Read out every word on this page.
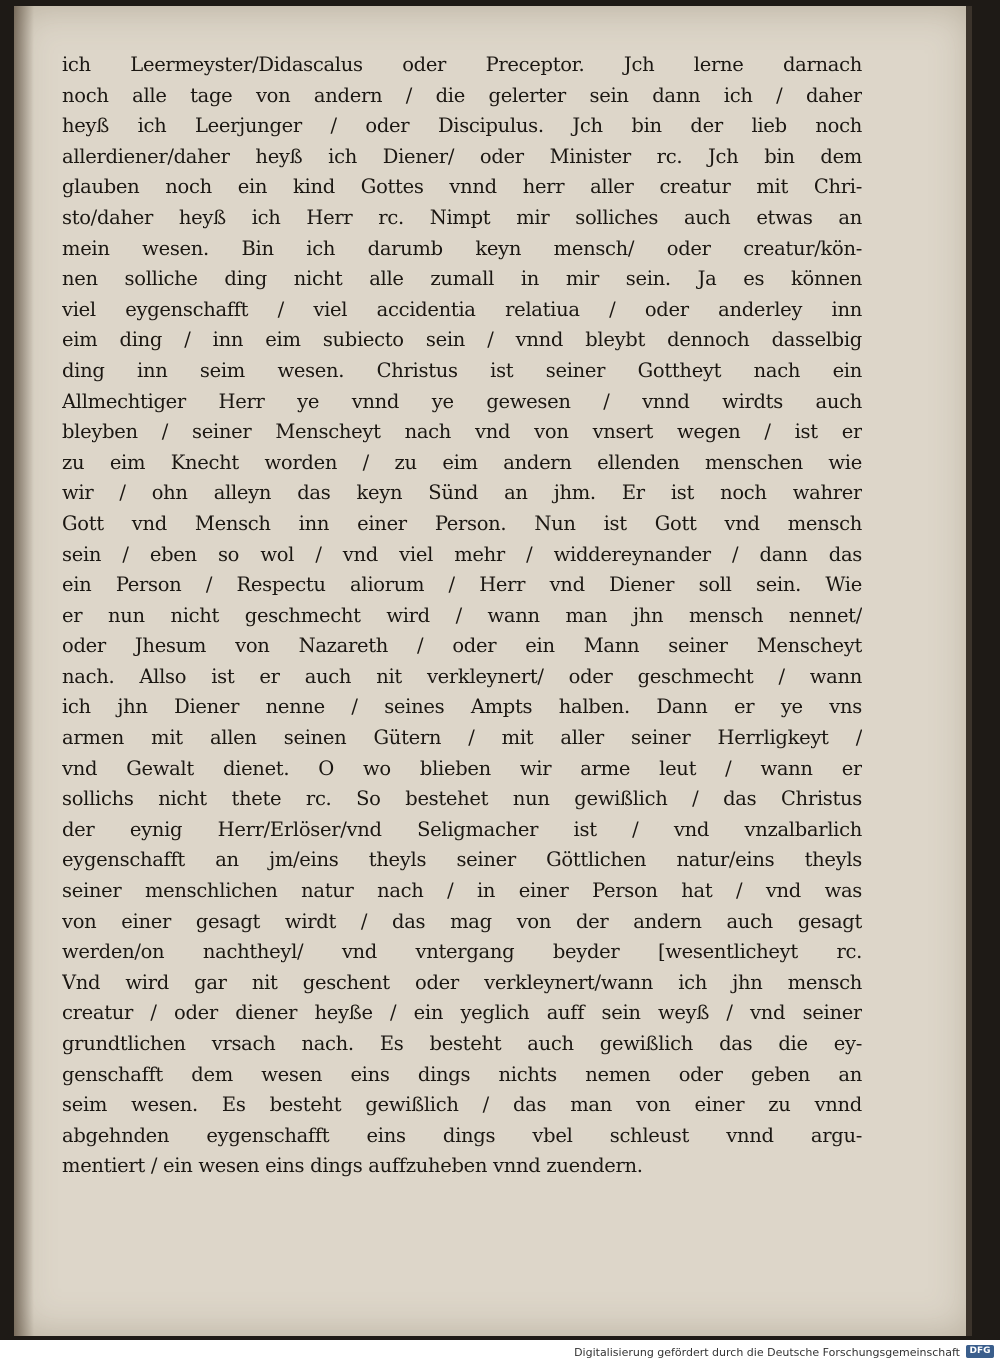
ich Leermeyster/Didascalus oder Preceptor. Jch lerne darnach
noch alle tage von andern / die gelerter sein dann ich / daher
heyß ich Leerjunger / oder Discipulus. Jch bin der lieb noch
allerdiener/daher heyß ich Diener/ oder Minister rc. Jch bin dem
glauben noch ein kind Gottes vnnd herr aller creatur mit Chri-
sto/daher heyß ich Herr rc. Nimpt mir solliches auch etwas an
mein wesen. Bin ich darumb keyn mensch/ oder creatur/kön-
nen solliche ding nicht alle zumall in mir sein. Ja es können
viel eygenschafft / viel accidentia relatiua / oder anderley inn
eim ding / inn eim subiecto sein / vnnd bleybt dennoch dasselbig
ding inn seim wesen. Christus ist seiner Gottheyt nach ein
Allmechtiger Herr ye vnnd ye gewesen / vnnd wirdts auch
bleyben / seiner Menscheyt nach vnd von vnsert wegen / ist er
zu eim Knecht worden / zu eim andern ellenden menschen wie
wir / ohn alleyn das keyn Sünd an jhm. Er ist noch wahrer
Gott vnd Mensch inn einer Person. Nun ist Gott vnd mensch
sein / eben so wol / vnd viel mehr / widdereynander / dann das
ein Person / Respectu aliorum / Herr vnd Diener soll sein. Wie
er nun nicht geschmecht wird / wann man jhn mensch nennet/
oder Jhesum von Nazareth / oder ein Mann seiner Menscheyt
nach. Allso ist er auch nit verkleynert/ oder geschmecht / wann
ich jhn Diener nenne / seines Ampts halben. Dann er ye vns
armen mit allen seinen Gütern / mit aller seiner Herrligkeyt /
vnd Gewalt dienet. O wo blieben wir arme leut / wann er
sollichs nicht thete rc. So bestehet nun gewißlich / das Christus
der eynig Herr/Erlöser/vnd Seligmacher ist / vnd vnzalbarlich
eygenschafft an jm/eins theyls seiner Göttlichen natur/eins theyls
seiner menschlichen natur nach / in einer Person hat / vnd was
von einer gesagt wirdt / das mag von der andern auch gesagt
werden/on nachtheyl/ vnd vntergang beyder [wesentlicheyt rc.
Vnd wird gar nit geschent oder verkleynert/wann ich jhn mensch
creatur / oder diener heyße / ein yeglich auff sein weyß / vnd seiner
grundtlichen vrsach nach. Es besteht auch gewißlich das die ey-
genschafft dem wesen eins dings nichts nemen oder geben an
seim wesen. Es besteht gewißlich / das man von einer zu vnnd
abgehnden eygenschafft eins dings vbel schleust vnnd argu-
mentiert / ein wesen eins dings auffzuheben vnnd zuendern.
Digitalisierung gefördert durch die Deutsche Forschungsgemeinschaft	DFG
